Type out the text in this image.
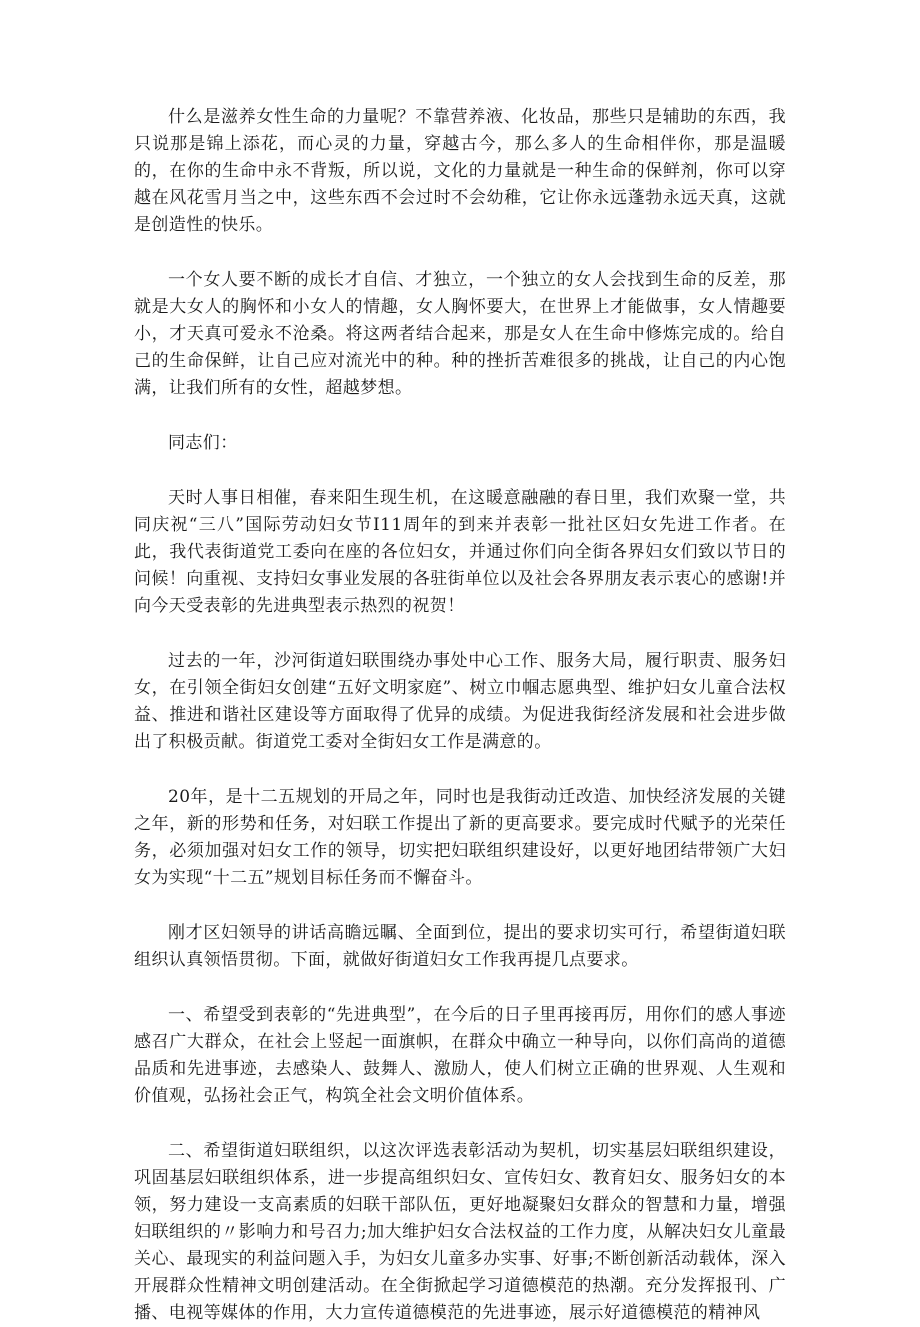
什么是滋养女性生命的力量呢？不靠营养液、化妆品，那些只是辅助的东西，我只说那是锦上添花，而心灵的力量，穿越古今，那么多人的生命相伴你，那是温暖的，在你的生命中永不背叛，所以说，文化的力量就是一种生命的保鲜剂，你可以穿越在风花雪月当之中，这些东西不会过时不会幼稚，它让你永远蓬勃永远天真，这就是创造性的快乐。

一个女人要不断的成长才自信、才独立，一个独立的女人会找到生命的反差，那就是大女人的胸怀和小女人的情趣，女人胸怀要大，在世界上才能做事，女人情趣要小，才天真可爱永不沧桑。将这两者结合起来，那是女人在生命中修炼完成的。给自己的生命保鲜，让自己应对流光中的种。种的挫折苦难很多的挑战，让自己的内心饱满，让我们所有的女性，超越梦想。

同志们：

天时人事日相催，春来阳生现生机，在这暖意融融的春日里，我们欢聚一堂，共同庆祝“三八”国际劳动妇女节I11周年的到来并表彰一批社区妇女先进工作者。在此，我代表街道党工委向在座的各位妇女，并通过你们向全街各界妇女们致以节日的问候！向重视、支持妇女事业发展的各驻街单位以及社会各界朋友表示衷心的感谢!并向今天受表彰的先进典型表示热烈的祝贺！

过去的一年，沙河街道妇联围绕办事处中心工作、服务大局，履行职责、服务妇女，在引领全街妇女创建“五好文明家庭”、树立巾帼志愿典型、维护妇女儿童合法权益、推进和谐社区建设等方面取得了优异的成绩。为促进我街经济发展和社会进步做出了积极贡献。街道党工委对全街妇女工作是满意的。

20年，是十二五规划的开局之年，同时也是我街动迁改造、加快经济发展的关键之年，新的形势和任务，对妇联工作提出了新的更高要求。要完成时代赋予的光荣任务，必须加强对妇女工作的领导，切实把妇联组织建设好，以更好地团结带领广大妇女为实现“十二五”规划目标任务而不懈奋斗。

刚才区妇领导的讲话高瞻远瞩、全面到位，提出的要求切实可行，希望街道妇联组织认真领悟贯彻。下面，就做好街道妇女工作我再提几点要求。

一、希望受到表彰的“先进典型”，在今后的日子里再接再厉，用你们的感人事迹感召广大群众，在社会上竖起一面旗帜，在群众中确立一种导向，以你们高尚的道德品质和先进事迹，去感染人、鼓舞人、激励人，使人们树立正确的世界观、人生观和价值观，弘扬社会正气，构筑全社会文明价值体系。

二、希望街道妇联组织，以这次评选表彰活动为契机，切实基层妇联组织建设，巩固基层妇联组织体系，进一步提高组织妇女、宣传妇女、教育妇女、服务妇女的本领，努力建设一支高素质的妇联干部队伍，更好地凝聚妇女群众的智慧和力量，增强妇联组织的〃影响力和号召力;加大维护妇女合法权益的工作力度，从解决妇女儿童最关心、最现实的利益问题入手，为妇女儿童多办实事、好事;不断创新活动载体，深入开展群众性精神文明创建活动。在全街掀起学习道德模范的热潮。充分发挥报刊、广播、电视等媒体的作用，大力宣传道德模范的先进事迹，展示好道德模范的精神风
